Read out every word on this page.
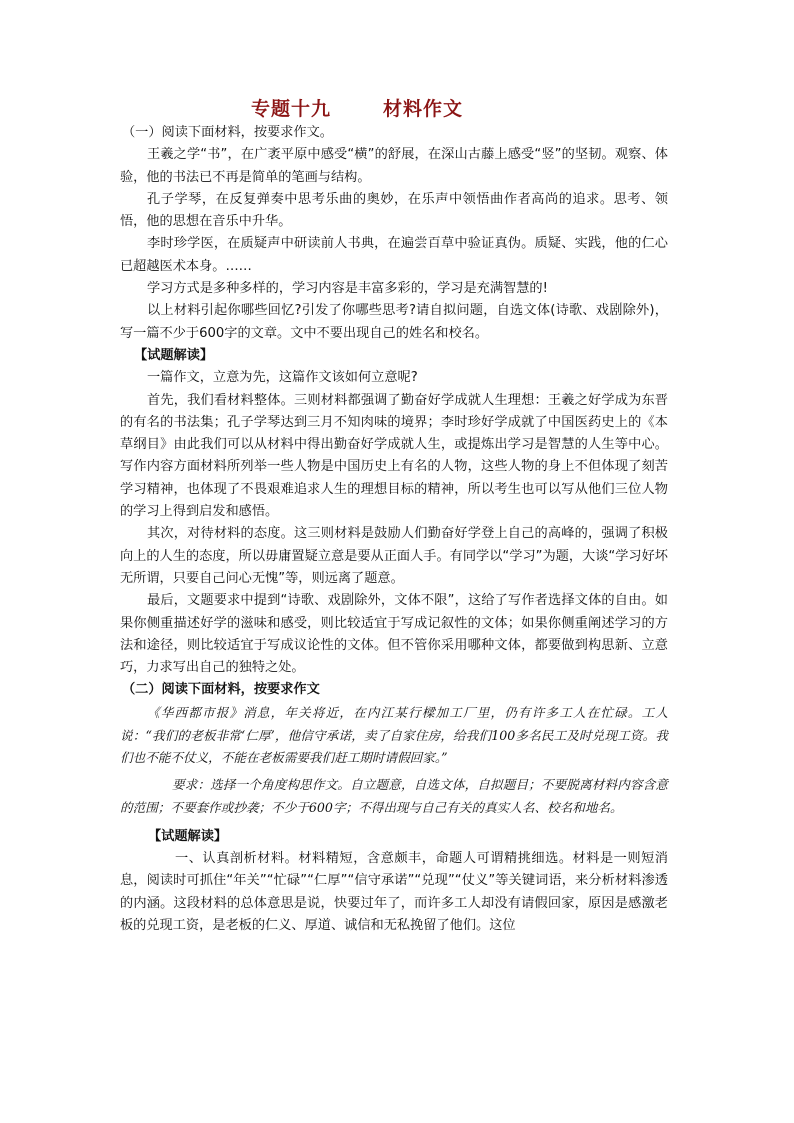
专题十九	材料作文

（一）阅读下面材料，按要求作文。

王羲之学“书”，在广袤平原中感受“横”的舒展，在深山古藤上感受“竖”的坚韧。观察、体验，他的书法已不再是简单的笔画与结构。

孔子学琴，在反复弹奏中思考乐曲的奥妙，在乐声中领悟曲作者高尚的追求。思考、领悟，他的思想在音乐中升华。

李时珍学医，在质疑声中研读前人书典，在遍尝百草中验证真伪。质疑、实践，他的仁心已超越医术本身。……

学习方式是多种多样的，学习内容是丰富多彩的，学习是充满智慧的!

以上材料引起你哪些回忆?引发了你哪些思考?请自拟问题，自选文体(诗歌、戏剧除外)，写一篇不少于600字的文章。文中不要出现自己的姓名和校名。

【试题解读】

一篇作文，立意为先，这篇作文该如何立意呢?

首先，我们看材料整体。三则材料都强调了勤奋好学成就人生理想：王羲之好学成为东晋的有名的书法集；孔子学琴达到三月不知肉味的境界；李时珍好学成就了中国医药史上的《本草纲目》由此我们可以从材料中得出勤奋好学成就人生，或提炼出学习是智慧的人生等中心。写作内容方面材料所列举一些人物是中国历史上有名的人物，这些人物的身上不但体现了刻苦学习精神，也体现了不畏艰难追求人生的理想目标的精神，所以考生也可以写从他们三位人物的学习上得到启发和感悟。

其次，对待材料的态度。这三则材料是鼓励人们勤奋好学登上自己的高峰的，强调了积极向上的人生的态度，所以毋庸置疑立意是要从正面人手。有同学以“学习”为题，大谈“学习好坏无所谓，只要自己问心无愧”等，则远离了题意。

最后，文题要求中提到“诗歌、戏剧除外，文体不限”，这给了写作者选择文体的自由。如果你侧重描述好学的滋味和感受，则比较适宜于写成记叙性的文体；如果你侧重阐述学习的方法和途径，则比较适宜于写成议论性的文体。但不管你采用哪种文体，都要做到构思新、立意巧，力求写出自己的独特之处。

（二）阅读下面材料，按要求作文

《华西都市报》消息，年关将近，在内江某行樑加工厂里，仍有许多工人在忙碌。工人说：“我们的老板非常‘仁厚’，他信守承诺，卖了自家住房，给我们100多名民工及时兑现工资。我们也不能不仗义，不能在老板需要我们赶工期时请假回家。”

要求：选择一个角度构思作文。自立题意，自选文体，自拟题目；不要脱离材料内容含意的范围；不要套作或抄袭；不少于600字；不得出现与自己有关的真实人名、校名和地名。

【试题解读】

一、认真剖析材料。材料精短，含意颇丰，命题人可谓精挑细选。材料是一则短消息，阅读时可抓住“年关”“忙碌”“仁厚”“信守承诺”“兑现”“仗义”等关键词语，来分析材料渗透的内涵。这段材料的总体意思是说，快要过年了，而许多工人却没有请假回家，原因是感激老板的兑现工资，是老板的仁义、厚道、诚信和无私挽留了他们。这位
